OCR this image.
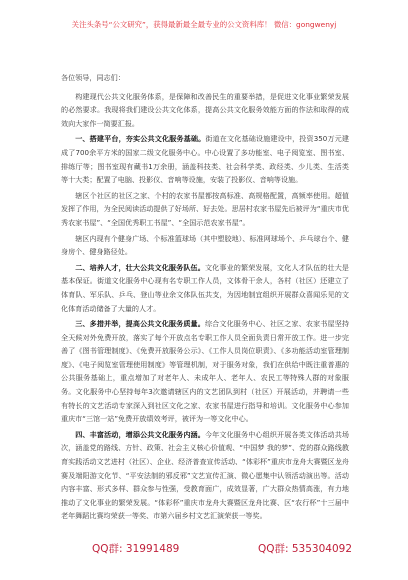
关注头条号“公文研究”，获得最新最全最专业的公文资料库！ 微信：gongwenyj
各位领导，同志们：

构建现代公共文化服务体系，是保障和改善民生的重要举措，是促进文化事业繁荣发展的必然要求。我现将我们建设公共文化体系，提高公共文化服务效能方面的作法和取得的成效向大家作一简要汇报。

一、搭建平台，夯实公共文化服务基础。街道在文化基础设施建设中，投资350万元建成了700余平方米的国家二级文化服务中心。中心设置了多功能室、电子阅览室、图书室、排练厅等；图书室现有藏书1万余册，涵盖科技类、社会科学类、政经类、少儿类、生活类等十大类；配置了电脑、投影仪、音响等设施，安装了投影仪、音响等设施。

辖区个社区的社区之家、个村的农家书屋都按高标准、高规格配置，高频率使用。超值发挥了作用，为全民阅读活动提供了好场所、好去处。思居村农家书屋先后被评为“重庆市优秀农家书屋”、“全国优秀职工书屋”、“全国示范农家书屋”。

辖区内现有个健身广场、个标准篮球场（其中塑胶地）、标准网球场个、乒乓球台个、健身房个、健身路径处。

二、培养人才，壮大公共文化服务队伍。文化事业的繁荣发展，文化人才队伍的壮大是基本保证。街道文化服务中心现有名专职工作人员，文体骨干余人，各村（社区）还建立了体育队、军乐队、乒乓、登山等业余文体队伍共支，为因地制宜组织开展群众喜闻乐见的文化体育活动储备了大量的人才。

三、多措并举，提高公共文化服务质量。综合文化服务中心、社区之家、农家书屋坚持全天候对外免费开放，落实了每个开放点名专职工作人员全面负责日常开放工作。进一步完善了《图书管理制度》、《免费开放服务公示》、《工作人员岗位职责》、《多功能活动室管理制度》、《电子阅览室管理使用制度》等管理机制，对于服务对象，我们在供给中既注重普惠的公共服务基础上，重点增加了对老年人、未成年人、老年人、农民工等特殊人群的对象服务。文化服务中心坚持每年3次邀请辖区内的文艺团队到村（社区）开展活动，并聘请一些有特长的文艺活动专家深入到社区文化之家、农家书屋进行指导和培训。文化服务中心参加重庆市“三馆一站”免费开放绩效考评，被评为一等文化中心。

四、丰富活动，增添公共文化服务内涵。今年文化服务中心组织开展各类文体活动共场次，涵盖党的路线、方针、政策、社会主义核心价值观、“中国梦 我的梦”、党的群众路线教育实践活动文艺进村（社区）、企业、经济普查宣传活动、“体彩杯”重庆市龙舟大赛暨区龙舟赛及端阳游文化节、“平安法制的邪反邪”文艺宣传汇演、微心愿集中认领活动演出等。活动内容丰富、形式多样、群众参与性强，受教育面广，成效显著，广大群众热情高涨，有力地推动了文化事业的繁荣发展。“体彩杯”重庆市龙舟大赛暨区龙舟比赛、区“农行杯”十三届中老年舞蹈比赛均荣获一等奖、市第六届乡村文艺汇演荣获一等奖。

QQ群: 31991489	QQ群: 535304092
